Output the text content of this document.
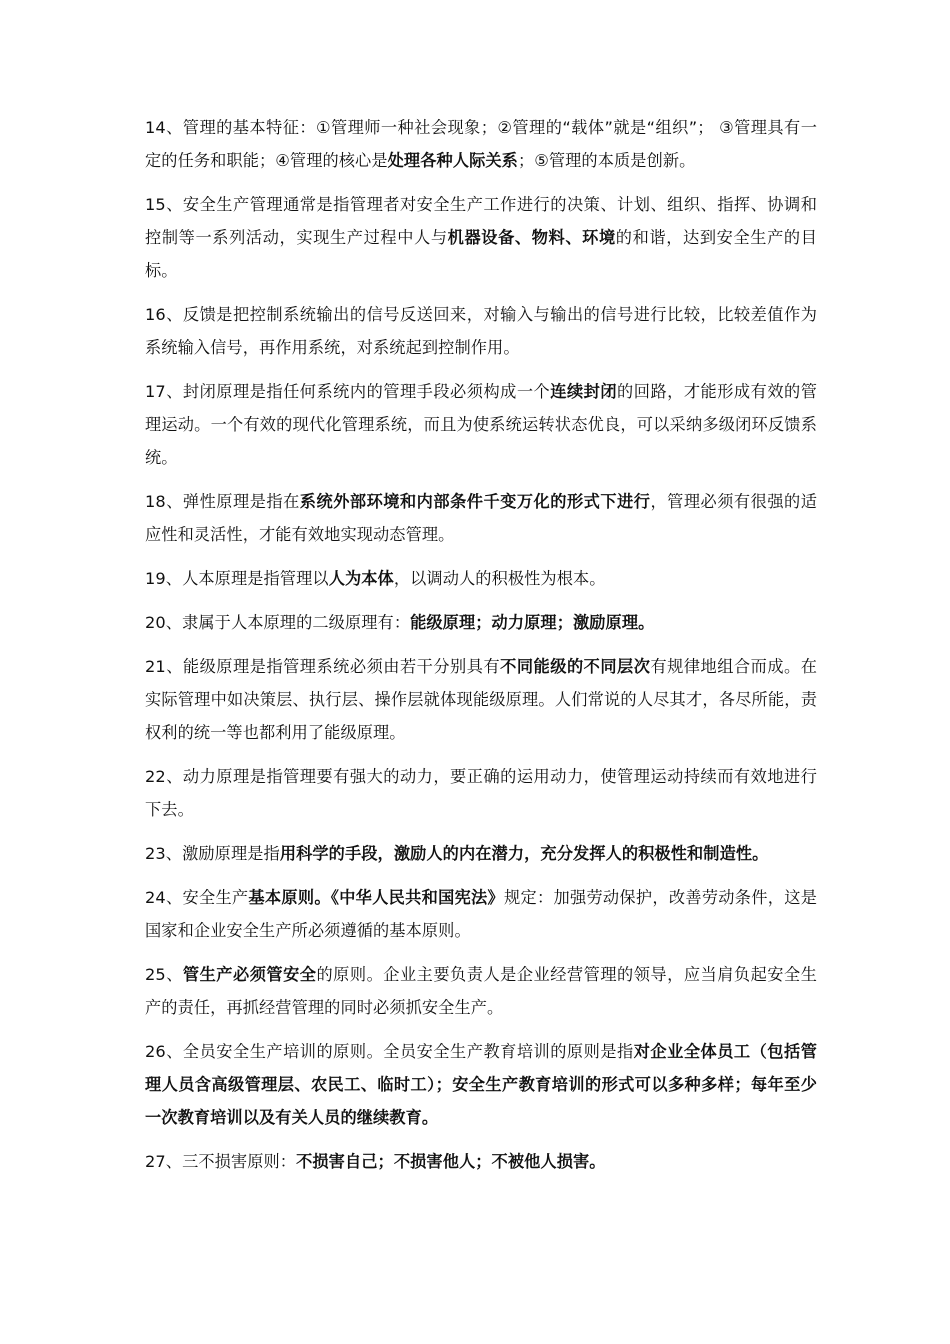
14、管理的基本特征：①管理师一种社会现象；②管理的“载体”就是“组织”； ③管理具有一定的任务和职能；④管理的核心是处理各种人际关系；⑤管理的本质是创新。

15、安全生产管理通常是指管理者对安全生产工作进行的决策、计划、组织、指挥、协调和控制等一系列活动，实现生产过程中人与机器设备、物料、环境的和谐，达到安全生产的目标。

16、反馈是把控制系统输出的信号反送回来，对输入与输出的信号进行比较，比较差值作为系统输入信号，再作用系统，对系统起到控制作用。

17、封闭原理是指任何系统内的管理手段必须构成一个连续封闭的回路，才能形成有效的管理运动。一个有效的现代化管理系统，而且为使系统运转状态优良，可以采纳多级闭环反馈系统。

18、弹性原理是指在系统外部环境和内部条件千变万化的形式下进行，管理必须有很强的适应性和灵活性，才能有效地实现动态管理。

19、人本原理是指管理以人为本体，以调动人的积极性为根本。

20、隶属于人本原理的二级原理有：能级原理；动力原理；激励原理。

21、能级原理是指管理系统必须由若干分别具有不同能级的不同层次有规律地组合而成。在实际管理中如决策层、执行层、操作层就体现能级原理。人们常说的人尽其才，各尽所能，责权利的统一等也都利用了能级原理。

22、动力原理是指管理要有强大的动力，要正确的运用动力，使管理运动持续而有效地进行下去。

23、激励原理是指用科学的手段，激励人的内在潜力，充分发挥人的积极性和制造性。

24、安全生产基本原则。《中华人民共和国宪法》规定：加强劳动保护，改善劳动条件，这是国家和企业安全生产所必须遵循的基本原则。

25、管生产必须管安全的原则。企业主要负责人是企业经营管理的领导，应当肩负起安全生产的责任，再抓经营管理的同时必须抓安全生产。

26、全员安全生产培训的原则。全员安全生产教育培训的原则是指对企业全体员工（包括管理人员含高级管理层、农民工、临时工）；安全生产教育培训的形式可以多种多样；每年至少一次教育培训以及有关人员的继续教育。

27、三不损害原则：不损害自己；不损害他人；不被他人损害。
